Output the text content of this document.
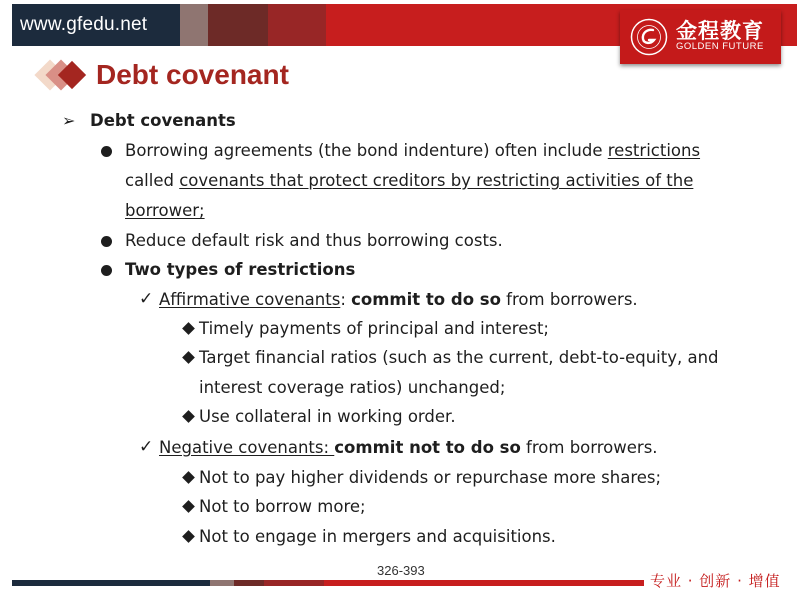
www.gfedu.net	金程教育
GOLDEN FUTURE
Debt covenant
➢ Debt covenants
Borrowing agreements (the bond indenture) often include restrictions
called covenants that protect creditors by restricting activities of the
borrower;
Reduce default risk and thus borrowing costs.
Two types of restrictions
✓ Affirmative covenants: commit to do so from borrowers.
Timely payments of principal and interest;
Target financial ratios (such as the current, debt-to-equity, and
interest coverage ratios) unchanged;
Use collateral in working order.
✓ Negative covenants: commit not to do so from borrowers.
Not to pay higher dividends or repurchase more shares;
Not to borrow more;
Not to engage in mergers and acquisitions.
326-393
专业 · 创新 · 增值
